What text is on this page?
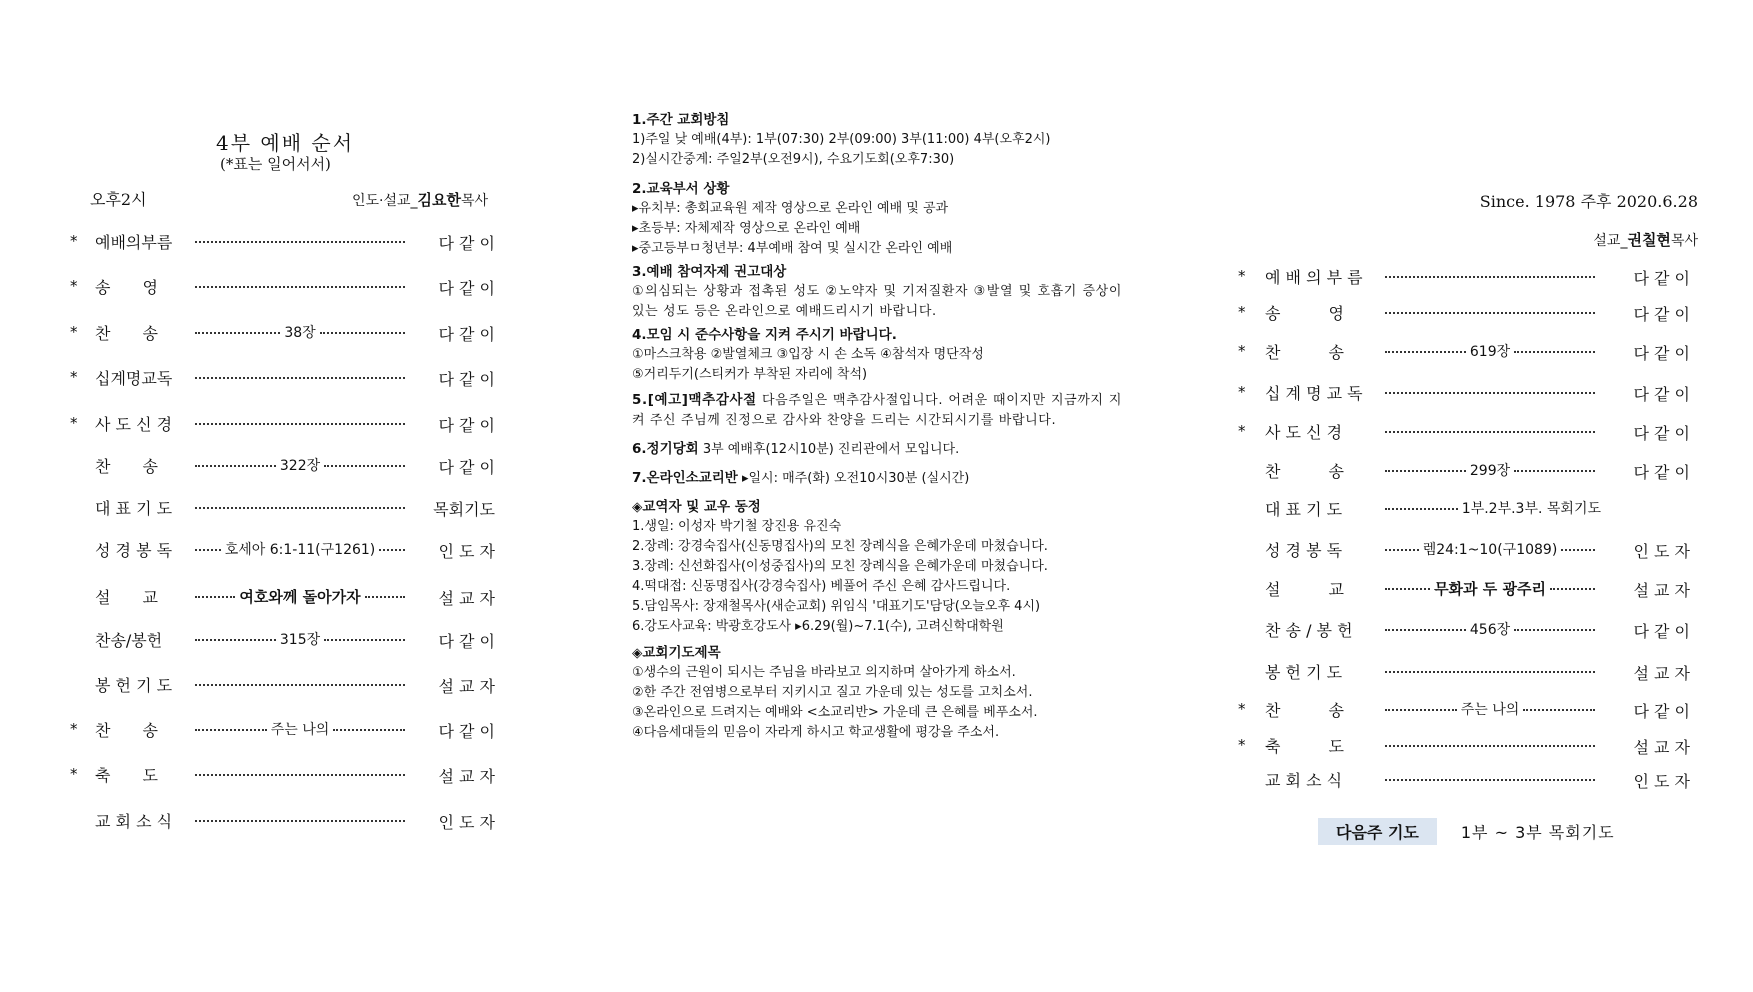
4부 예배 순서
(*표는 일어서서)
오후2시	인도·설교_김요한목사
* 예배의부름	다 같 이
* 송　　영	다 같 이
* 찬　　송	38장	다 같 이
* 십계명교독	다 같 이
* 사 도 신 경	다 같 이
찬　　송	322장	다 같 이
대 표 기 도	목회기도
성 경 봉 독	호세아 6:1-11(구1261)	인 도 자
설　　교	여호와께 돌아가자	설 교 자
찬송/봉헌	315장	다 같 이
봉 헌 기 도	설 교 자
* 찬　　송	주는 나의	다 같 이
* 축　　도	설 교 자
교 회 소 식	인 도 자
1.주간 교회방침
1)주일 낮 예배(4부): 1부(07:30) 2부(09:00) 3부(11:00) 4부(오후2시)
2)실시간중계: 주일2부(오전9시), 수요기도회(오후7:30)
2.교육부서 상황
▸유치부: 총회교육원 제작 영상으로 온라인 예배 및 공과
▸초등부: 자체제작 영상으로 온라인 예배
▸중고등부ㅁ청년부: 4부예배 참여 및 실시간 온라인 예배
3.예배 참여자제 권고대상
①의심되는 상황과 접촉된 성도 ②노약자 및 기저질환자 ③발열 및 호흡기 증상이 있는 성도 등은 온라인으로 예배드리시기 바랍니다.
4.모임 시 준수사항을 지켜 주시기 바랍니다.
①마스크착용 ②발열체크 ③입장 시 손 소독 ④참석자 명단작성
⑤거리두기(스티커가 부착된 자리에 착석)
5.[예고]맥추감사절 다음주일은 맥추감사절입니다. 어려운 때이지만 지금까지 지켜 주신 주님께 진정으로 감사와 찬양을 드리는 시간되시기를 바랍니다.
6.정기당회 3부 예배후(12시10분) 진리관에서 모입니다.
7.온라인소교리반 ▸일시: 매주(화) 오전10시30분 (실시간)
◈교역자 및 교우 동정
1.생일: 이성자 박기철 장진용 유진숙
2.장례: 강경숙집사(신동명집사)의 모친 장례식을 은혜가운데 마쳤습니다.
3.장례: 신선화집사(이성중집사)의 모친 장례식을 은혜가운데 마쳤습니다.
4.떡대접: 신동명집사(강경숙집사) 베풀어 주신 은혜 감사드립니다.
5.담임목사: 장재철목사(새순교회) 위임식 '대표기도'담당(오늘오후 4시)
6.강도사교육: 박광호강도사 ▸6.29(월)~7.1(수), 고려신학대학원
◈교회기도제목
①생수의 근원이 되시는 주님을 바라보고 의지하며 살아가게 하소서.
②한 주간 전염병으로부터 지키시고 질고 가운데 있는 성도를 고치소서.
③온라인으로 드려지는 예배와 <소교리반> 가운데 큰 은혜를 베푸소서.
④다음세대들의 믿음이 자라게 하시고 학교생활에 평강을 주소서.
Since. 1978 주후 2020.6.28
설교_권칠현목사
* 예 배 의 부 름	다 같 이
* 송　　　영	다 같 이
* 찬　　　송	619장	다 같 이
* 십 계 명 교 독	다 같 이
* 사 도 신 경	다 같 이
찬　　　송	299장	다 같 이
대 표 기 도	1부.2부.3부. 목회기도
성 경 봉 독	렘24:1~10(구1089)	인 도 자
설　　　교	무화과 두 광주리	설 교 자
찬 송 / 봉 헌	456장	다 같 이
봉 헌 기 도	설 교 자
* 찬　　　송	주는 나의	다 같 이
* 축　　　도	설 교 자
교 회 소 식	인 도 자
다음주 기도	1부 ~ 3부 목회기도
